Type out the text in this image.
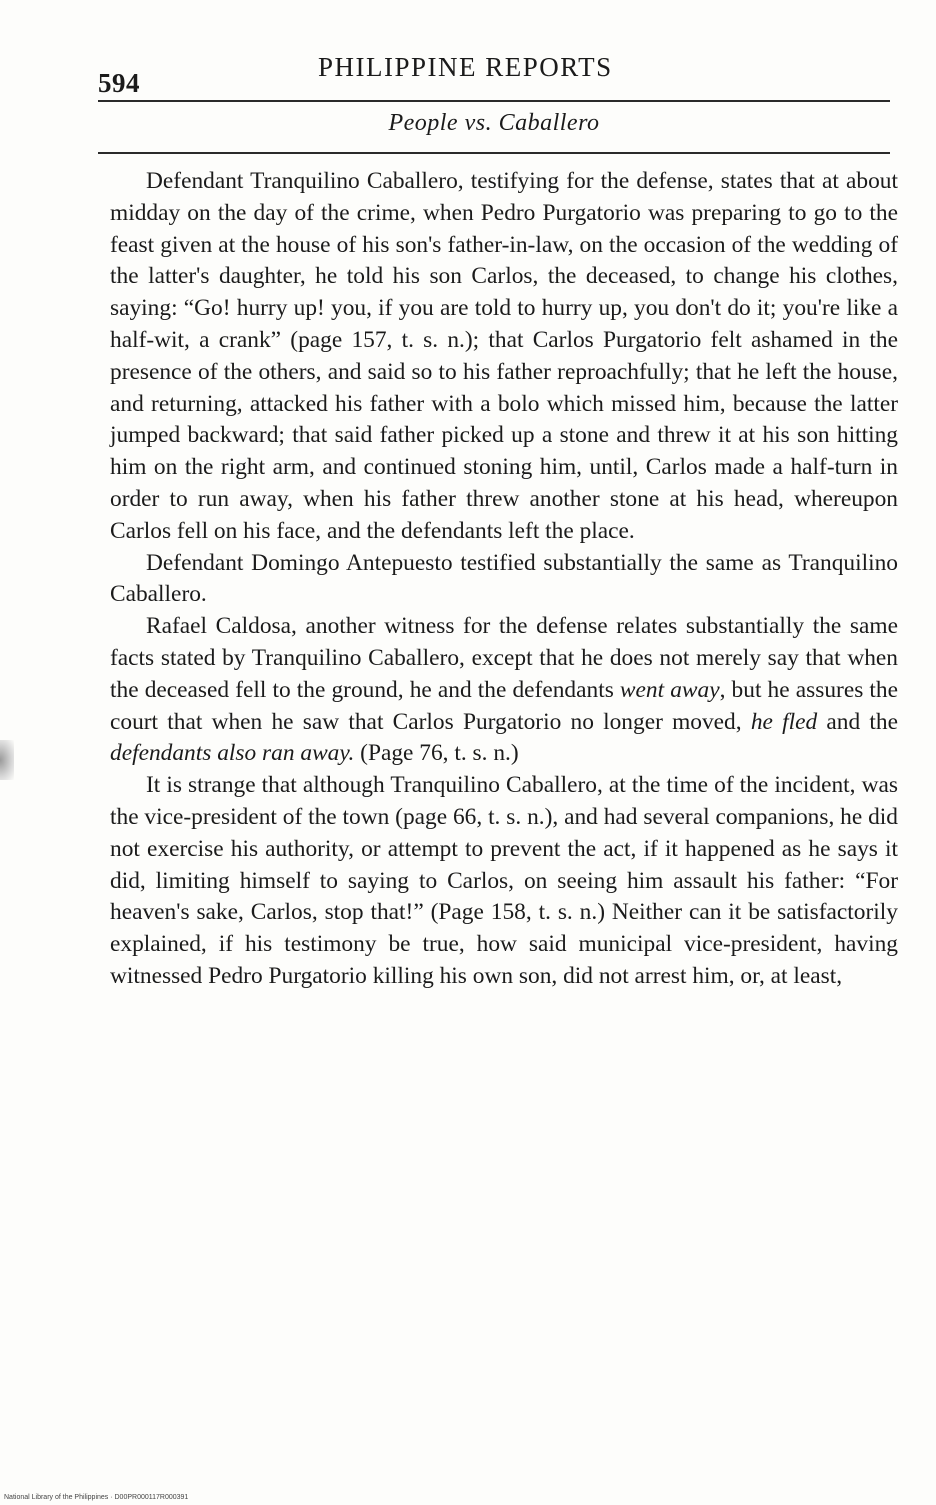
594
PHILIPPINE REPORTS
People vs. Caballero

Defendant Tranquilino Caballero, testifying for the defense, states that at about midday on the day of the crime, when Pedro Purgatorio was preparing to go to the feast given at the house of his son's father-in-law, on the occasion of the wedding of the latter's daughter, he told his son Carlos, the deceased, to change his clothes, saying: “Go! hurry up! you, if you are told to hurry up, you don't do it; you're like a half-wit, a crank” (page 157, t. s. n.); that Carlos Purgatorio felt ashamed in the presence of the others, and said so to his father reproachfully; that he left the house, and returning, attacked his father with a bolo which missed him, because the latter jumped backward; that said father picked up a stone and threw it at his son hitting him on the right arm, and continued stoning him, until, Carlos made a half-turn in order to run away, when his father threw another stone at his head, whereupon Carlos fell on his face, and the defendants left the place.

Defendant Domingo Antepuesto testified substantially the same as Tranquilino Caballero.

Rafael Caldosa, another witness for the defense relates substantially the same facts stated by Tranquilino Caballero, except that he does not merely say that when the deceased fell to the ground, he and the defendants went away, but he assures the court that when he saw that Carlos Purgatorio no longer moved, he fled and the defendants also ran away. (Page 76, t. s. n.)

It is strange that although Tranquilino Caballero, at the time of the incident, was the vice-president of the town (page 66, t. s. n.), and had several companions, he did not exercise his authority, or attempt to prevent the act, if it happened as he says it did, limiting himself to saying to Carlos, on seeing him assault his father: “For heaven's sake, Carlos, stop that!” (Page 158, t. s. n.) Neither can it be satisfactorily explained, if his testimony be true, how said municipal vice-president, having witnessed Pedro Purgatorio killing his own son, did not arrest him, or, at least,

National Library of the Philippines · D00PR000117R000391
